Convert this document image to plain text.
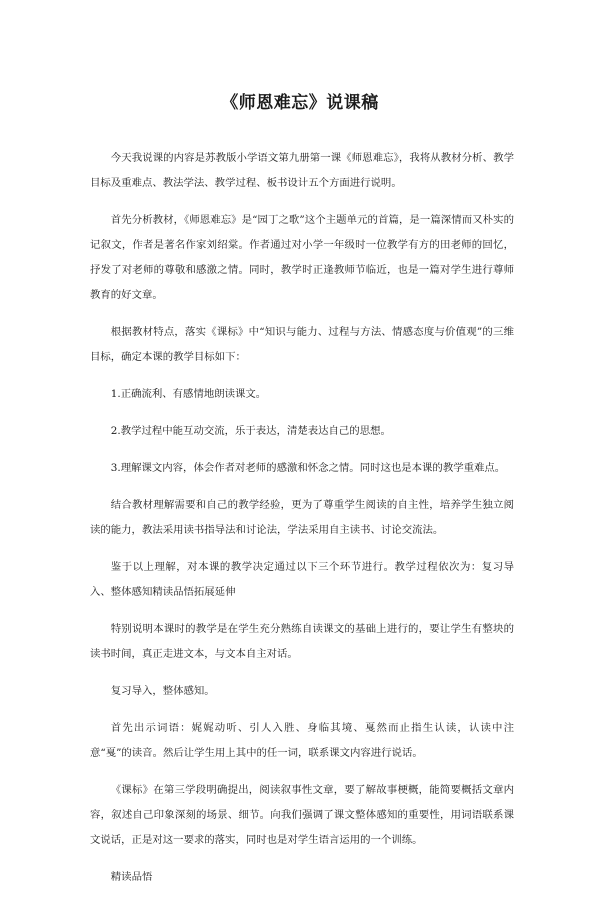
《师恩难忘》说课稿

今天我说课的内容是苏教版小学语文第九册第一课《师恩难忘》，我将从教材分析、教学目标及重难点、教法学法、教学过程、板书设计五个方面进行说明。

首先分析教材，《师恩难忘》是“园丁之歌”这个主题单元的首篇，是一篇深情而又朴实的记叙文，作者是著名作家刘绍棠。作者通过对小学一年级时一位教学有方的田老师的回忆，抒发了对老师的尊敬和感激之情。同时，教学时正逢教师节临近，也是一篇对学生进行尊师教育的好文章。

根据教材特点，落实《课标》中“知识与能力、过程与方法、情感态度与价值观”的三维目标，确定本课的教学目标如下：

1.正确流利、有感情地朗读课文。

2.教学过程中能互动交流，乐于表达，清楚表达自己的思想。

3.理解课文内容，体会作者对老师的感激和怀念之情。同时这也是本课的教学重难点。

结合教材理解需要和自己的教学经验，更为了尊重学生阅读的自主性，培养学生独立阅读的能力，教法采用读书指导法和讨论法，学法采用自主读书、讨论交流法。

鉴于以上理解，对本课的教学决定通过以下三个环节进行。教学过程依次为：复习导入、整体感知精读品悟拓展延伸

特别说明本课时的教学是在学生充分熟练自读课文的基础上进行的，要让学生有整块的读书时间，真正走进文本，与文本自主对话。

复习导入，整体感知。

首先出示词语：娓娓动听、引人入胜、身临其境、戛然而止指生认读，认读中注意“戛”的读音。然后让学生用上其中的任一词，联系课文内容进行说话。

《课标》在第三学段明确提出，阅读叙事性文章，要了解故事梗概，能简要概括文章内容，叙述自己印象深刻的场景、细节。向我们强调了课文整体感知的重要性，用词语联系课文说话，正是对这一要求的落实，同时也是对学生语言运用的一个训练。

精读品悟
